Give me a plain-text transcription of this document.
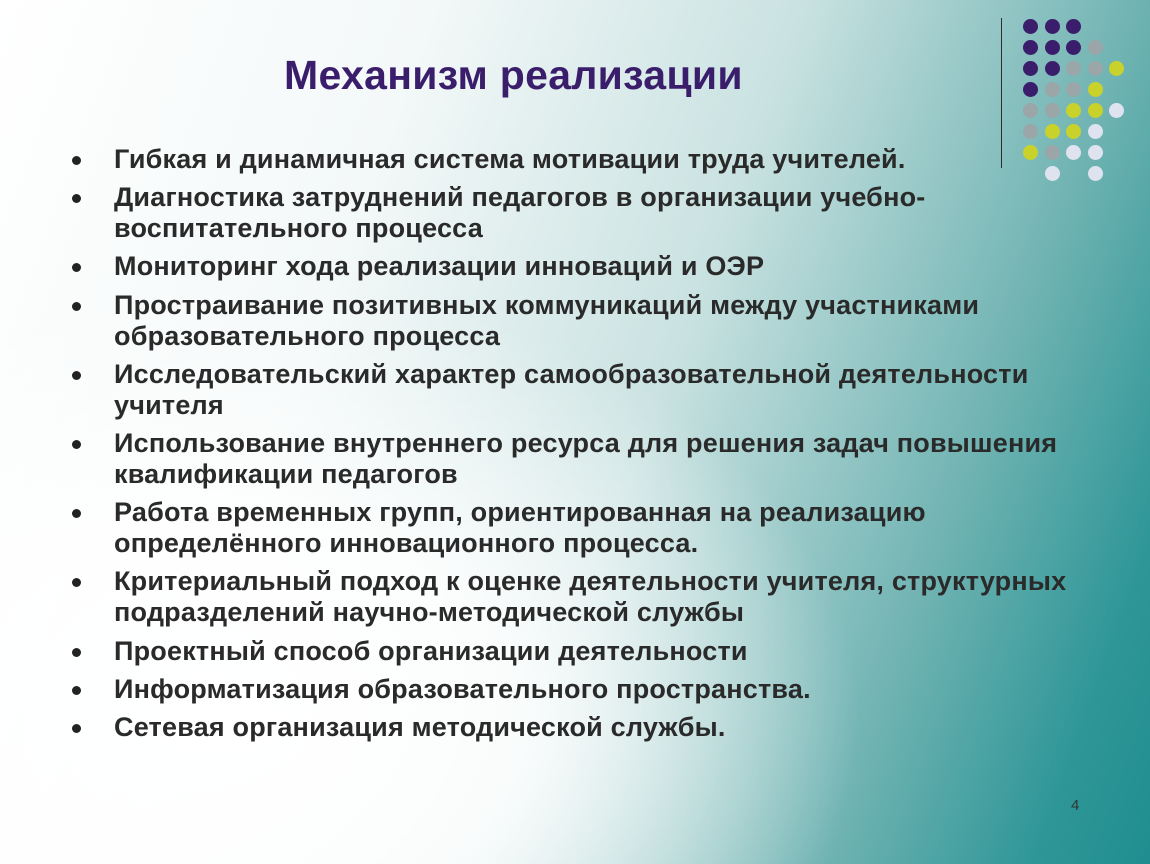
Механизм реализации
Гибкая и динамичная система мотивации труда учителей.
Диагностика затруднений педагогов в организации учебно-воспитательного процесса
Мониторинг хода реализации инноваций и ОЭР
Простраивание позитивных коммуникаций между участниками образовательного процесса
Исследовательский характер самообразовательной деятельности учителя
Использование внутреннего ресурса для решения задач повышения квалификации педагогов
Работа временных групп, ориентированная на реализацию определённого инновационного процесса.
Критериальный подход к оценке деятельности учителя, структурных подразделений научно-методической службы
Проектный способ организации деятельности
Информатизация образовательного пространства.
Сетевая организация методической службы.
4
